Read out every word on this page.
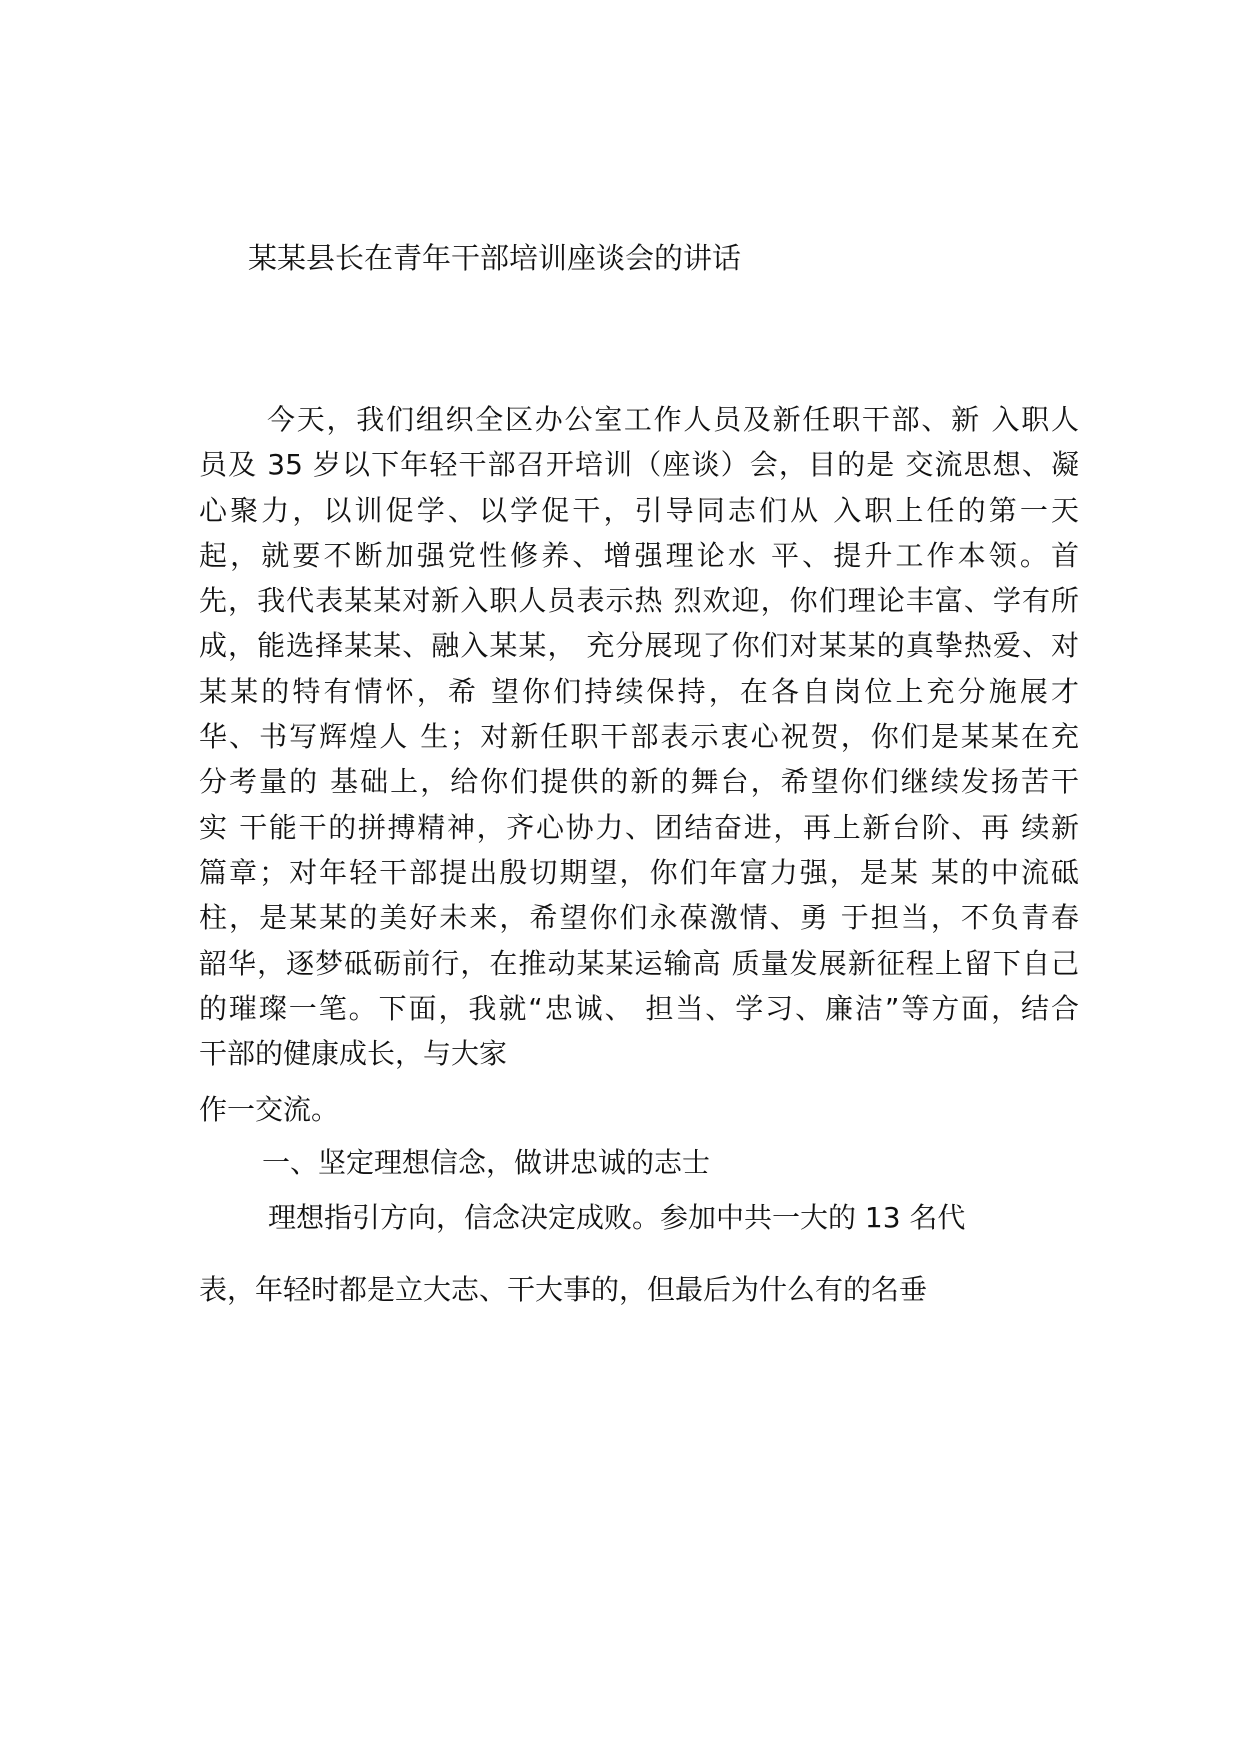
某某县长在青年干部培训座谈会的讲话
今天，我们组织全区办公室工作人员及新任职干部、新 入职人
员及 35 岁以下年轻干部召开培训（座谈）会，目的是 交流思想、凝
心聚力，以训促学、以学促干，引导同志们从 入职上任的第一天
起，就要不断加强党性修养、增强理论水 平、提升工作本领。首
先，我代表某某对新入职人员表示热 烈欢迎，你们理论丰富、学有所
成，能选择某某、融入某某， 充分展现了你们对某某的真挚热爱、对
某某的特有情怀，希 望你们持续保持，在各自岗位上充分施展才
华、书写辉煌人 生；对新任职干部表示衷心祝贺，你们是某某在充
分考量的 基础上，给你们提供的新的舞台，希望你们继续发扬苦干
实 干能干的拼搏精神，齐心协力、团结奋进，再上新台阶、再 续新
篇章；对年轻干部提出殷切期望，你们年富力强，是某 某的中流砥
柱，是某某的美好未来，希望你们永葆激情、勇 于担当，不负青春
韶华，逐梦砥砺前行，在推动某某运输高 质量发展新征程上留下自己
的璀璨一笔。下面，我就“忠诚、 担当、学习、廉洁”等方面，结合
干部的健康成长，与大家
作一交流。
一、坚定理想信念，做讲忠诚的志士
理想指引方向，信念决定成败。参加中共一大的 13 名代
表，年轻时都是立大志、干大事的，但最后为什么有的名垂
